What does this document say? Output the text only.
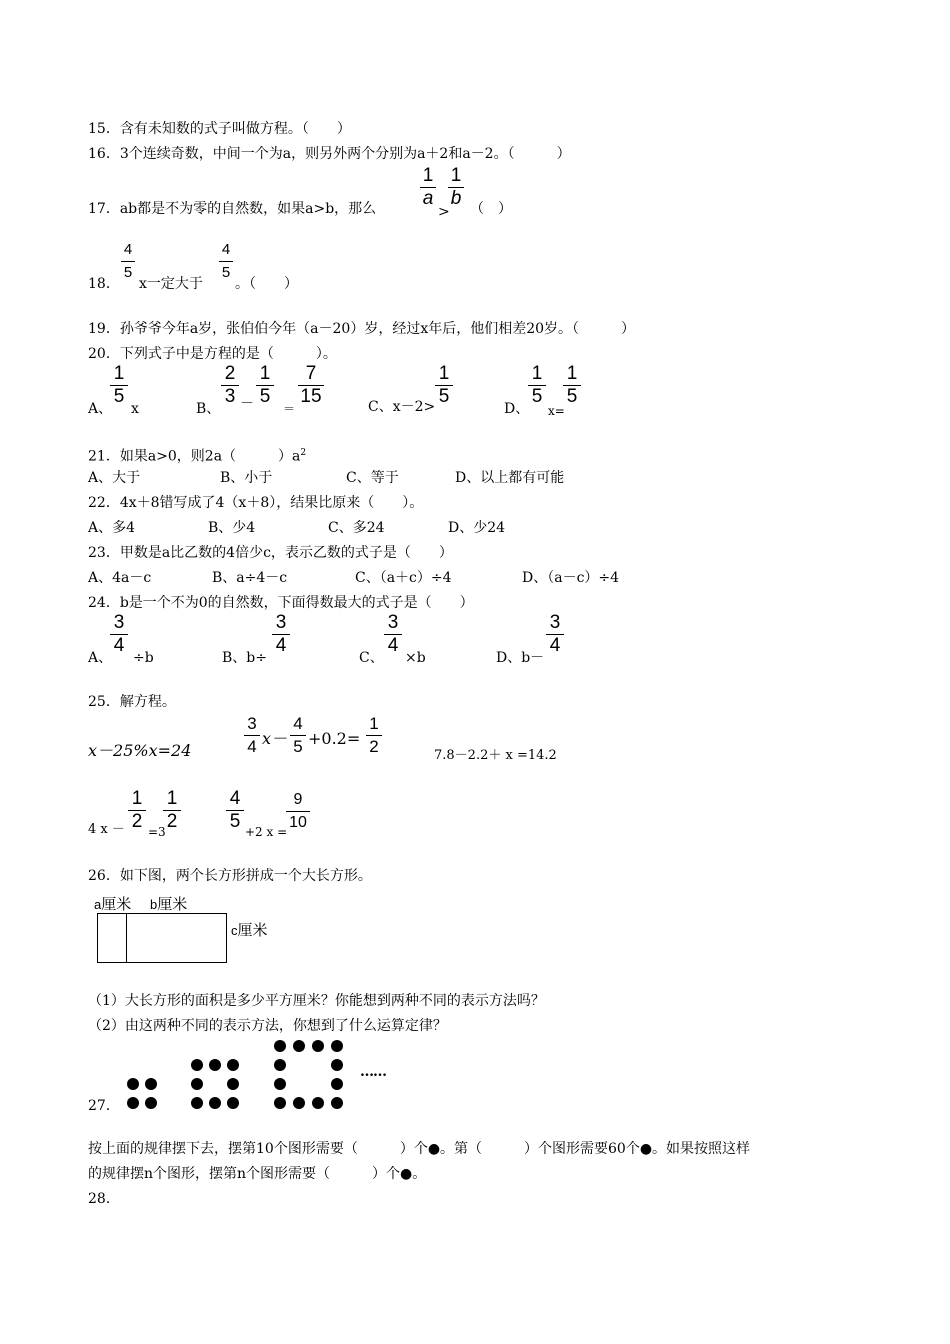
15．含有未知数的式子叫做方程。（　　）
16．3个连续奇数，中间一个为a，则另外两个分别为a＋2和a－2。（　　　）
17．ab都是不为零的自然数，如果a>b，那么
1
a
>
1
b （　）
18．
4
5
x一定大于
4
5
。（　　）
19．孙爷爷今年a岁，张伯伯今年（a－20）岁，经过x年后，他们相差20岁。（　　　）
20．下列式子中是方程的是（　　　）。
A、
1
5
x	B、
2
3 －
1
5
＝
7
15	C、x－2>
1
5
D、
1
5
x=
1
5
21．如果a>0，则2a（　　　）$a^2$
A、大于	B、小于	C、等于	D、以上都有可能
22．4x＋8错写成了4（x＋8），结果比原来（　　）。
A、多4	B、少4	C、多24	D、少24
23．甲数是a比乙数的4倍少c，表示乙数的式子是（　　）
A、4a－c	B、a÷4－c	C、（a＋c）÷4	D、（a－c）÷4
24．b是一个不为0的自然数，下面得数最大的式子是（　　）
A、
3
4
÷b	B、b÷
3
4
C、
3
4
×b	D、b－
3
4
25．解方程。
x－25%x=24
3
4 x－
4
5 +0.2=
1
2	7.8－2.2＋ x =14.2
4 x －
1
2 =3
1
2
4
5 +2 x =
9
10
26．如下图，两个长方形拼成一个大长方形。
a厘米 b厘米
c厘米
（1）大长方形的面积是多少平方厘米？你能想到两种不同的表示方法吗？
（2）由这两种不同的表示方法，你想到了什么运算定律？
……
27．
按上面的规律摆下去，摆第10个图形需要（　　　）个●。第（　　　）个图形需要60个●。如果按照这样
的规律摆n个图形，摆第n个图形需要（　　　）个●。
28．
